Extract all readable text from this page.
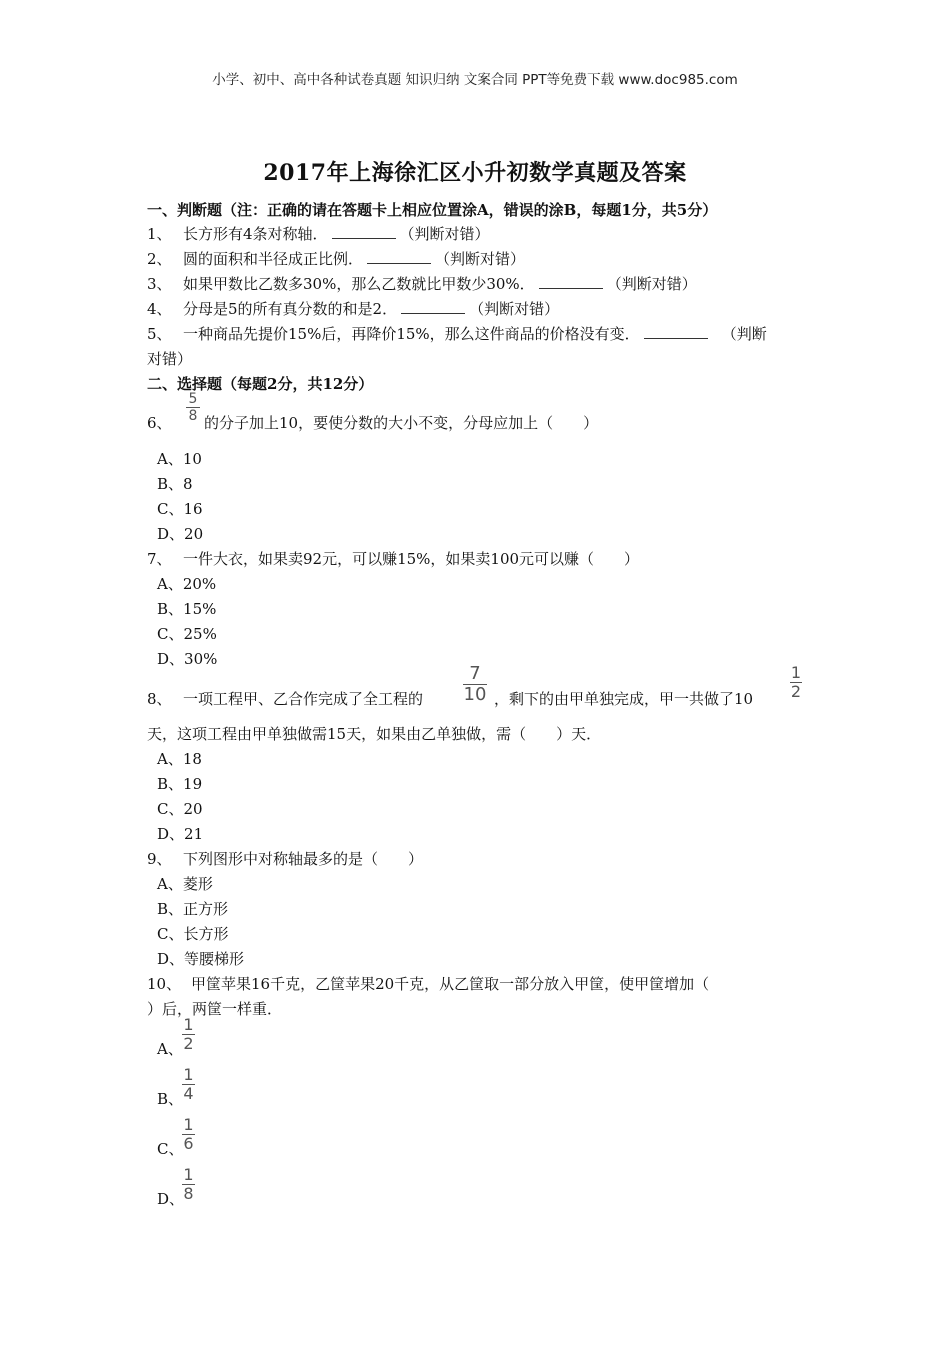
小学、初中、高中各种试卷真题 知识归纳 文案合同 PPT等免费下载 www.doc985.com
2017年上海徐汇区小升初数学真题及答案
一、判断题（注：正确的请在答题卡上相应位置涂A，错误的涂B，每题1分，共5分）
1、 长方形有4条对称轴．	（判断对错）
2、 圆的面积和半径成正比例．	（判断对错）
3、 如果甲数比乙数多30%，那么乙数就比甲数少30%．	（判断对错）
4、 分母是5的所有真分数的和是2．	（判断对错）
5、 一种商品先提价15%后，再降价15%，那么这件商品的价格没有变．	（判断
对错）
二、选择题（每题2分，共12分）
6、
5
8 的分子加上10，要使分数的大小不变，分母应加上（　　）
A、10
B、8
C、16
D、20
7、 一件大衣，如果卖92元，可以赚15%，如果卖100元可以赚（　　）
A、20%
B、15%
C、25%
D、30%
8、 一项工程甲、乙合作完成了全工程的
7
10 ，剩下的由甲单独完成，甲一共做了10
1
2
天，这项工程由甲单独做需15天，如果由乙单独做，需（　　）天．
A、18
B、19
C、20
D、21
9、 下列图形中对称轴最多的是（　　）
A、菱形
B、正方形
C、长方形
D、等腰梯形
10、 甲筐苹果16千克，乙筐苹果20千克，从乙筐取一部分放入甲筐，使甲筐增加（
）后，两筐一样重．
A、
1
2
B、
1
4
C、
1
6
D、
1
8
